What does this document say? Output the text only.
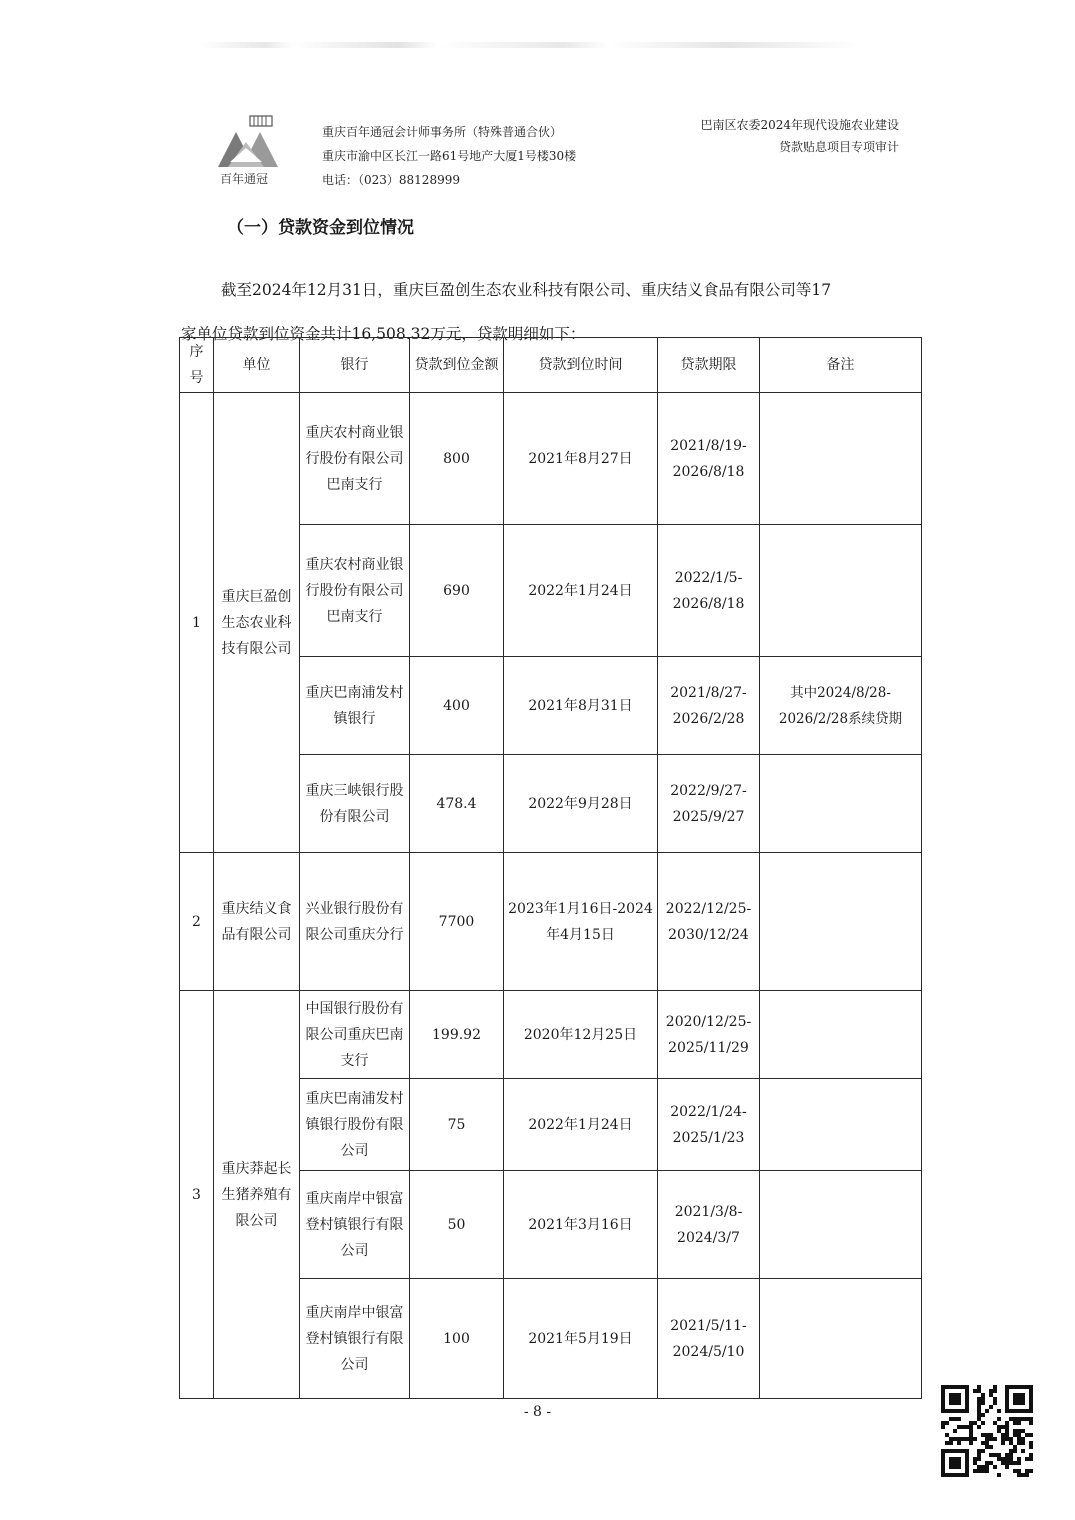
百年通冠
重庆百年通冠会计师事务所（特殊普通合伙）
重庆市渝中区长江一路61号地产大厦1号楼30楼
电话：（023）88128999
巴南区农委2024年现代设施农业建设
贷款贴息项目专项审计
（一）贷款资金到位情况
截至2024年12月31日，重庆巨盈创生态农业科技有限公司、重庆结义食品有限公司等17
家单位贷款到位资金共计16,508.32万元，贷款明细如下：
序号	单位	银行	贷款到位金额	贷款到位时间	贷款期限	备注
1	重庆巨盈创生态农业科技有限公司	重庆农村商业银行股份有限公司巴南支行	800	2021年8月27日	2021/8/19-2026/8/18	
		重庆农村商业银行股份有限公司巴南支行	690	2022年1月24日	2022/1/5-2026/8/18	
		重庆巴南浦发村镇银行	400	2021年8月31日	2021/8/27-2026/2/28	其中2024/8/28-2026/2/28系续贷期
		重庆三峡银行股份有限公司	478.4	2022年9月28日	2022/9/27-2025/9/27	
2	重庆结义食品有限公司	兴业银行股份有限公司重庆分行	7700	2023年1月16日-2024年4月15日	2022/12/25-2030/12/24	
3	重庆莽起长生猪养殖有限公司	中国银行股份有限公司重庆巴南支行	199.92	2020年12月25日	2020/12/25-2025/11/29	
		重庆巴南浦发村镇银行股份有限公司	75	2022年1月24日	2022/1/24-2025/1/23	
		重庆南岸中银富登村镇银行有限公司	50	2021年3月16日	2021/3/8-2024/3/7	
		重庆南岸中银富登村镇银行有限公司	100	2021年5月19日	2021/5/11-2024/5/10	
- 8 -
